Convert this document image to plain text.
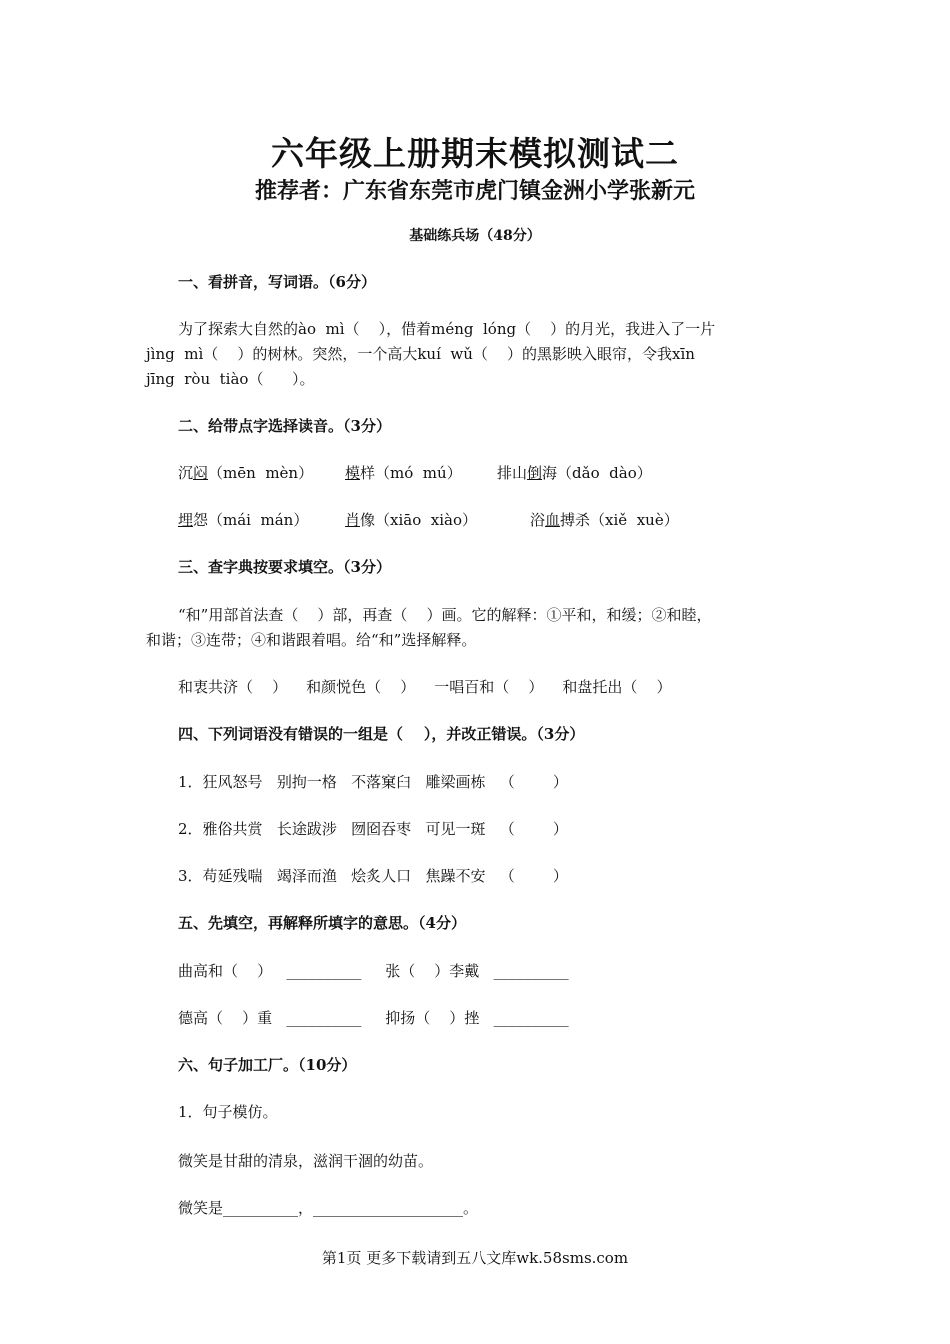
六年级上册期末模拟测试二
推荐者：广东省东莞市虎门镇金洲小学张新元
基础练兵场（48分）
一、看拼音，写词语。（6分）
为了探索大自然的ào  mì（    ），借着méng  lóng（    ）的月光，我进入了一片
jìng  mì（    ）的树林。突然，一个高大kuí  wǔ（    ）的黑影映入眼帘，令我xīn
jīng  ròu  tiào（      ）。
二、给带点字选择读音。（3分）
沉闷（mēn  mèn） 模样（mó  mú） 排山倒海（dǎo  dào）
埋怨（mái  mán） 肖像（xiāo  xiào）	浴血搏杀（xiě  xuè）
三、查字典按要求填空。（3分）
“和”用部首法查（    ）部，再查（    ）画。它的解释：①平和，和缓；②和睦，
和谐；③连带；④和谐跟着唱。给“和”选择解释。
和衷共济（    ）    和颜悦色（    ）    一唱百和（    ）    和盘托出（    ）
四、下列词语没有错误的一组是（    ），并改正错误。（3分）
1．狂风怒号   别拘一格   不落窠臼   雕梁画栋   （        ）
2．雅俗共赏   长途跋涉   囫囵吞枣   可见一斑   （        ）
3．苟延残喘   竭泽而渔   烩炙人口   焦躁不安   （        ）
五、先填空，再解释所填字的意思。（4分）
曲高和（    ）   __________     张（    ）李戴   __________
德高（    ）重   __________     抑扬（    ）挫   __________
六、句子加工厂。（10分）
1．句子模仿。
微笑是甘甜的清泉，滋润干涸的幼苗。
微笑是__________，____________________。
第1页 更多下载请到五八文库wk.58sms.com
